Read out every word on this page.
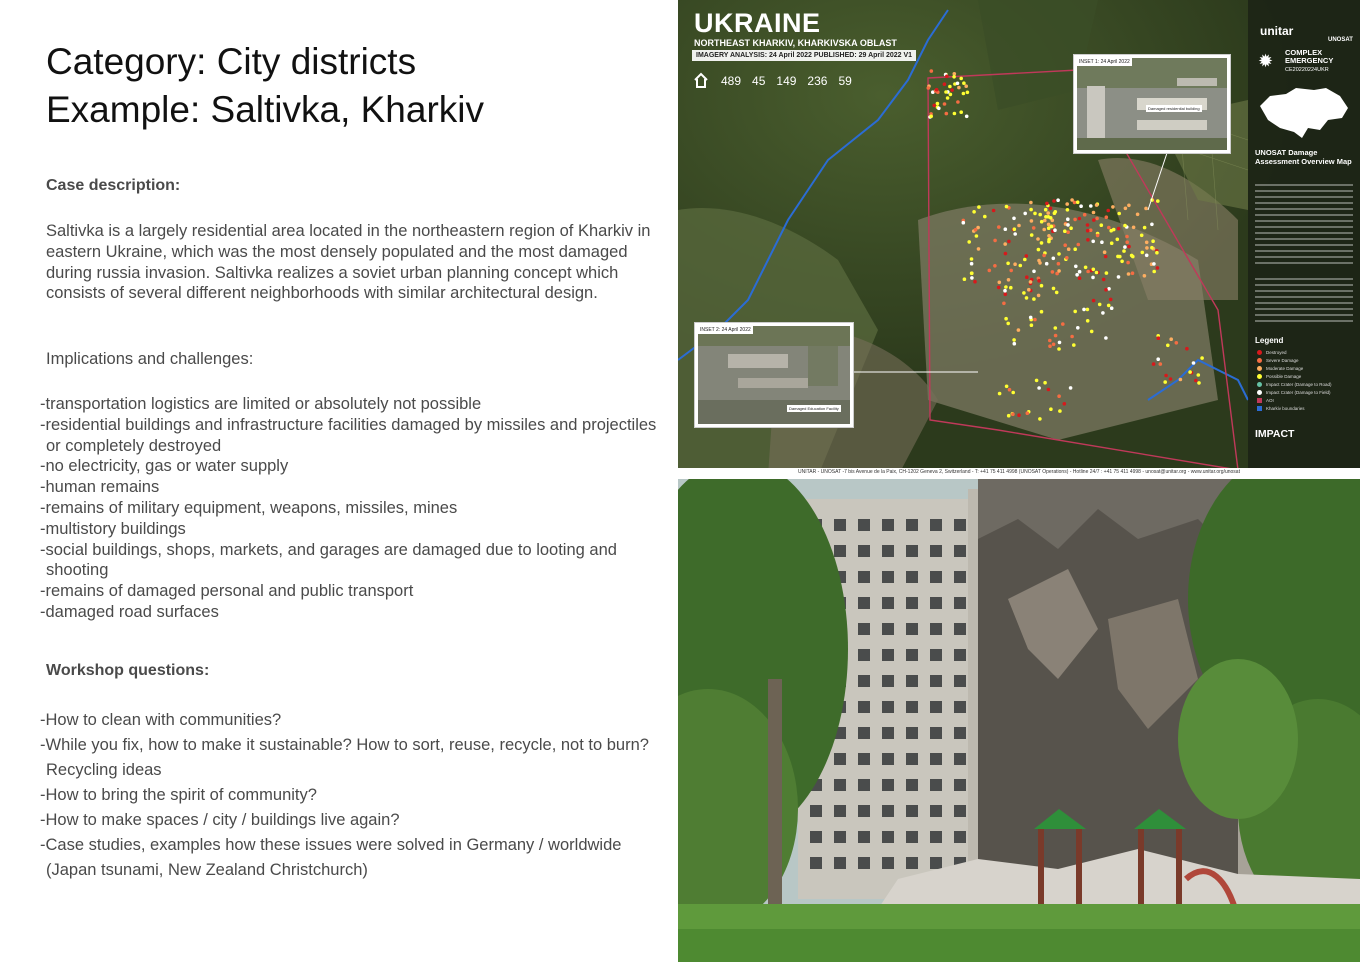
Category: City districts
Example: Saltivka, Kharkiv
Case description:

Saltivka is a largely residential area located in the northeastern region of Kharkiv in eastern Ukraine, which was the most densely populated and the most damaged during russia invasion. Saltivka realizes a soviet urban planning concept which consists of several different neighborhoods with similar architectural design.

Implications and challenges:
-transportation logistics are limited or absolutely not possible
-residential buildings and infrastructure facilities damaged by missiles and projectiles or completely destroyed
-no electricity, gas or water supply
-human remains
-remains of military equipment, weapons, missiles, mines
-multistory buildings
-social buildings, shops, markets, and garages are damaged due to looting and shooting
-remains of damaged personal and public transport
-damaged road surfaces
Workshop questions:
-How to clean with communities?
-While you fix, how to make it sustainable? How to sort, reuse, recycle, not to burn? Recycling ideas
-How to bring the spirit of community?
-How to make spaces / city / buildings live again?
-Case studies, examples how these issues were solved in Germany / worldwide (Japan tsunami, New Zealand Christchurch)
UKRAINE
NORTHEAST KHARKIV, KHARKIVSKA OBLAST
IMAGERY ANALYSIS: 24 April 2022 PUBLISHED: 29 April 2022 V1
489 45 149 236 59
INSET 1: 24 April 2022
Damaged residential building
INSET 2: 24 April 2022
Damaged Education Facility
unitar
UNOSAT
✹ COMPLEX EMERGENCY
CE20220224UKR
UNOSAT Damage Assessment Overview Map
Legend
Destroyed
Severe Damage
Moderate Damage
Possible Damage
Impact Crater (Damage to Road)
Impact Crater (Damage to Field)
AOI
Kharkiv boundaries
IMPACT
UNITAR - UNOSAT -7 bis Avenue de la Paix, CH-1202 Geneva 2, Switzerland - T: +41 75 411 4998 (UNOSAT Operations) - Hotline 24/7 : +41 75 411 4998 - unosat@unitar.org - www.unitar.org/unosat
